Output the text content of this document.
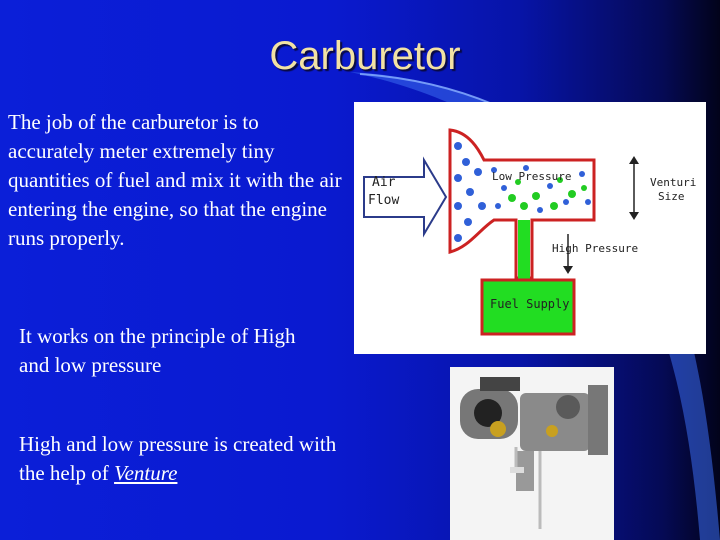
Carburetor
The job of the carburetor is to accurately meter extremely tiny quantities of fuel and mix it with the air entering the engine, so that the engine runs properly.
It works on the principle of High and low pressure
High and low pressure is created with the help of Venture
Air
Flow
Fuel Supply
Low Pressure	Venturi
Size
High Pressure
